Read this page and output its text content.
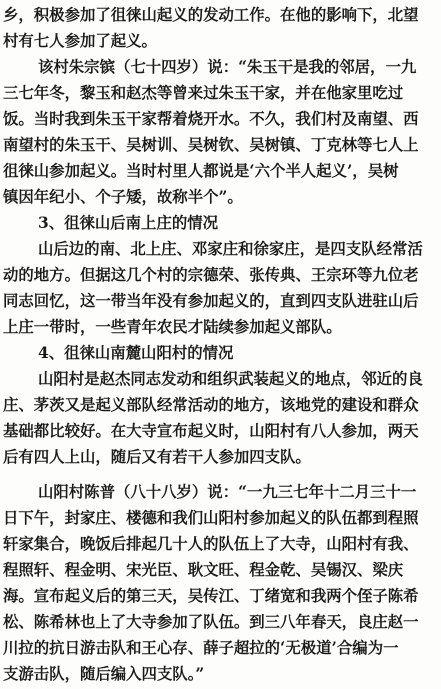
乡，积极参加了徂徕山起义的发动工作。在他的影响下，北望
村有七人参加了起义。
该村朱宗镔（七十四岁）说：“朱玉干是我的邻居，一九
三七年冬，黎玉和赵杰等曾来过朱玉干家，并在他家里吃过
饭。当时我到朱玉干家帮着烧开水。不久，我们村及南望、西
南望村的朱玉干、吴树训、吴树钦、吴树镇、丁克林等七人上
徂徕山参加起义。当时村里人都说是‘六个半人起义’，吴树
镇因年纪小、个子矮，故称半个”。
3、徂徕山后南上庄的情况
山后边的南、北上庄、邓家庄和徐家庄，是四支队经常活
动的地方。但据这几个村的宗德荣、张传典、王宗环等九位老
同志回忆，这一带当年没有参加起义的，直到四支队进驻山后
上庄一带时，一些青年农民才陆续参加起义部队。
4、徂徕山南麓山阳村的情况
山阳村是赵杰同志发动和组织武装起义的地点，邻近的良
庄、茅茨又是起义部队经常活动的地方，该地党的建设和群众
基础都比较好。在大寺宣布起义时，山阳村有八人参加，两天
后有四人上山，随后又有若干人参加四支队。
山阳村陈普（八十八岁）说：“一九三七年十二月三十一
日下午，封家庄、楼德和我们山阳村参加起义的队伍都到程照
轩家集合，晚饭后排起几十人的队伍上了大寺，山阳村有我、
程照轩、程金明、宋光臣、耿文旺、程金乾、吴锡汉、梁庆
海。宣布起义后的第三天，吴传江、丁绪宽和我两个侄子陈希
松、陈希林也上了大寺参加了队伍。到三八年春天，良庄赵一
川拉的抗日游击队和王心存、薛子超拉的‘无极道’合编为一
支游击队，随后编入四支队。”
